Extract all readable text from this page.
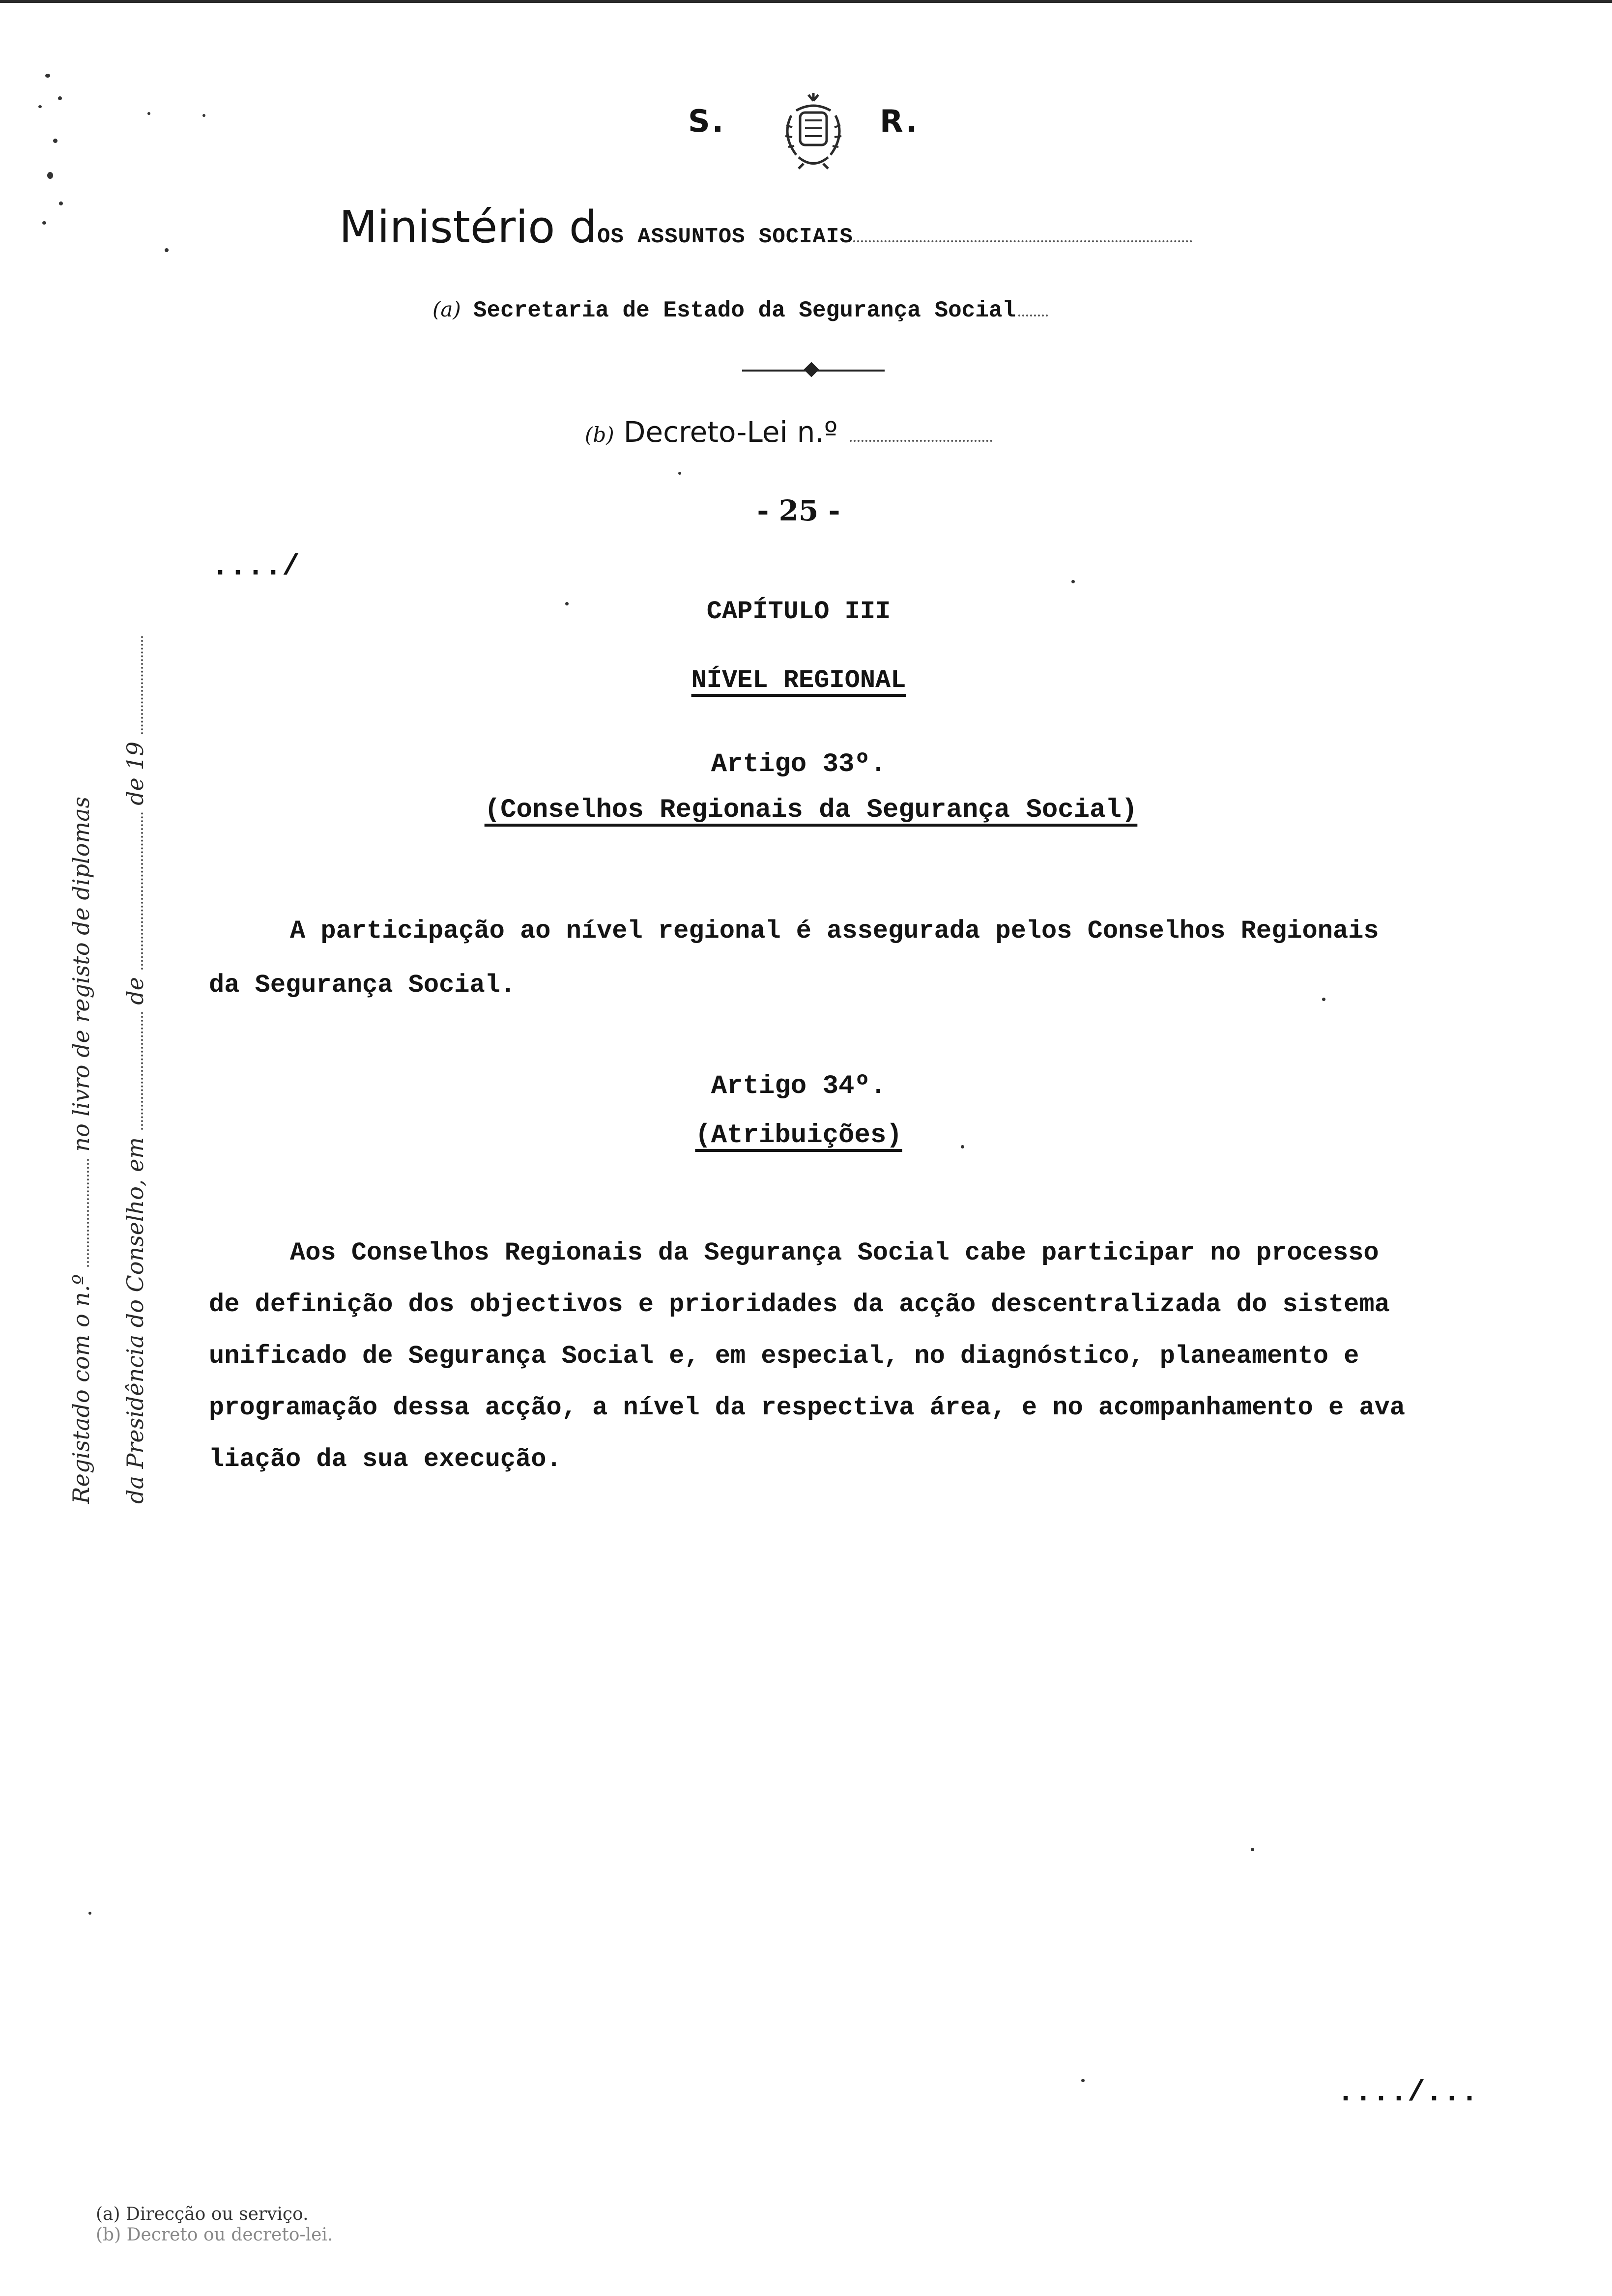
S.	R.
Ministério dOS ASSUNTOS SOCIAIS
(a) Secretaria de Estado da Segurança Social
(b) Decreto-Lei n.º
- 25 -
..../
CAPÍTULO III
NÍVEL REGIONAL
Artigo 33º.
(Conselhos Regionais da Segurança Social)
A participação ao nível regional é assegurada pelos Conselhos Regionais
da Segurança Social.
Artigo 34º.
(Atribuições)
Aos Conselhos Regionais da Segurança Social cabe participar no processo
de definição dos objectivos e prioridades da acção descentralizada do sistema
unificado de Segurança Social e, em especial, no diagnóstico, planeamento e
programação dessa acção, a nível da respectiva área, e no acompanhamento e ava
liação da sua execução.
..../...
Registado com o n.º  no livro de registo de diplomas
da Presidência do Conselho, em  de  de 19
(a) Direcção ou serviço.
(b) Decreto ou decreto-lei.
